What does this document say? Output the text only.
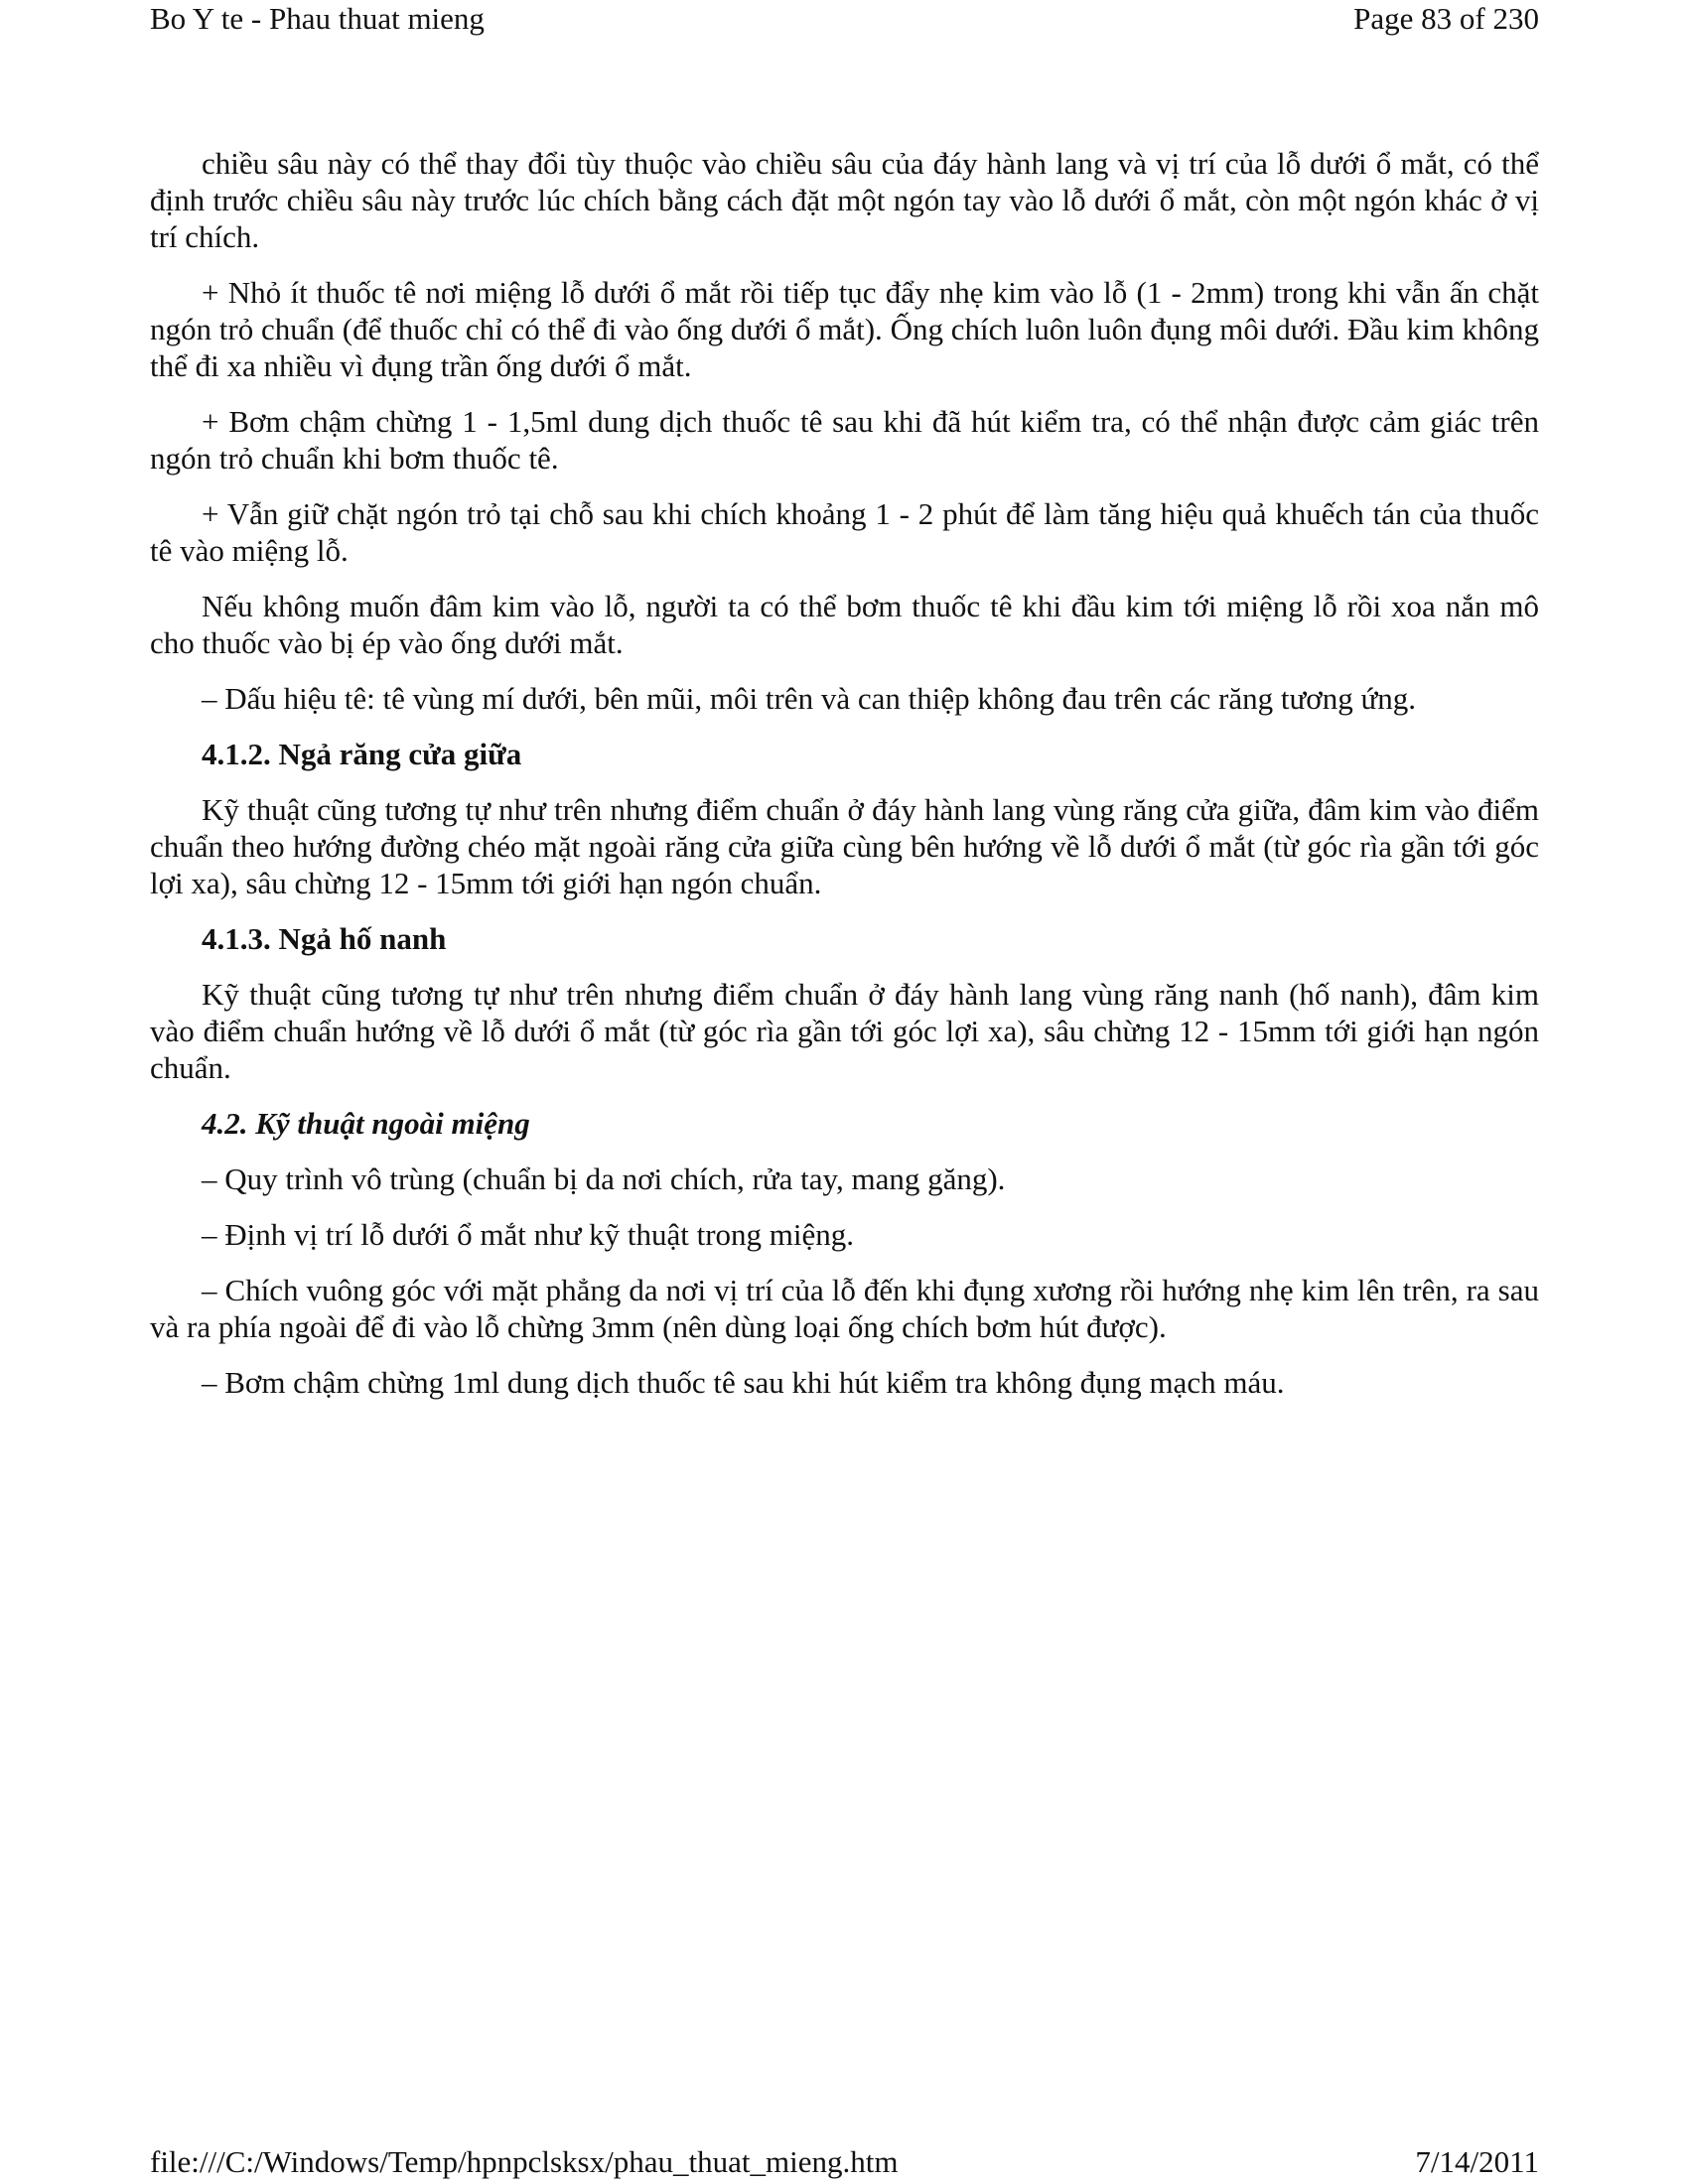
Bo Y te - Phau thuat mieng	Page 83 of 230

chiều sâu này có thể thay đổi tùy thuộc vào chiều sâu của đáy hành lang và vị trí của lỗ dưới ổ mắt, có thể định trước chiều sâu này trước lúc chích bằng cách đặt một ngón tay vào lỗ dưới ổ mắt, còn một ngón khác ở vị trí chích.

+ Nhỏ ít thuốc tê nơi miệng lỗ dưới ổ mắt rồi tiếp tục đẩy nhẹ kim vào lỗ (1 - 2mm) trong khi vẫn ấn chặt ngón trỏ chuẩn (để thuốc chỉ có thể đi vào ống dưới ổ mắt). Ống chích luôn luôn đụng môi dưới. Đầu kim không thể đi xa nhiều vì đụng trần ống dưới ổ mắt.

+ Bơm chậm chừng 1 - 1,5ml dung dịch thuốc tê sau khi đã hút kiểm tra, có thể nhận được cảm giác trên ngón trỏ chuẩn khi bơm thuốc tê.

+ Vẫn giữ chặt ngón trỏ tại chỗ sau khi chích khoảng 1 - 2 phút để làm tăng hiệu quả khuếch tán của thuốc tê vào miệng lỗ.

Nếu không muốn đâm kim vào lỗ, người ta có thể bơm thuốc tê khi đầu kim tới miệng lỗ rồi xoa nắn mô cho thuốc vào bị ép vào ống dưới mắt.

– Dấu hiệu tê: tê vùng mí dưới, bên mũi, môi trên và can thiệp không đau trên các răng tương ứng.

4.1.2. Ngả răng cửa giữa

Kỹ thuật cũng tương tự như trên nhưng điểm chuẩn ở đáy hành lang vùng răng cửa giữa, đâm kim vào điểm chuẩn theo hướng đường chéo mặt ngoài răng cửa giữa cùng bên hướng về lỗ dưới ổ mắt (từ góc rìa gần tới góc lợi xa), sâu chừng 12 - 15mm tới giới hạn ngón chuẩn.

4.1.3. Ngả hố nanh

Kỹ thuật cũng tương tự như trên nhưng điểm chuẩn ở đáy hành lang vùng răng nanh (hố nanh), đâm kim vào điểm chuẩn hướng về lỗ dưới ổ mắt (từ góc rìa gần tới góc lợi xa), sâu chừng 12 - 15mm tới giới hạn ngón chuẩn.

4.2. Kỹ thuật ngoài miệng

– Quy trình vô trùng (chuẩn bị da nơi chích, rửa tay, mang găng).

– Định vị trí lỗ dưới ổ mắt như kỹ thuật trong miệng.

– Chích vuông góc với mặt phẳng da nơi vị trí của lỗ đến khi đụng xương rồi hướng nhẹ kim lên trên, ra sau và ra phía ngoài để đi vào lỗ chừng 3mm (nên dùng loại ống chích bơm hút được).

– Bơm chậm chừng 1ml dung dịch thuốc tê sau khi hút kiểm tra không đụng mạch máu.

file:///C:/Windows/Temp/hpnpclsksx/phau_thuat_mieng.htm	7/14/2011
